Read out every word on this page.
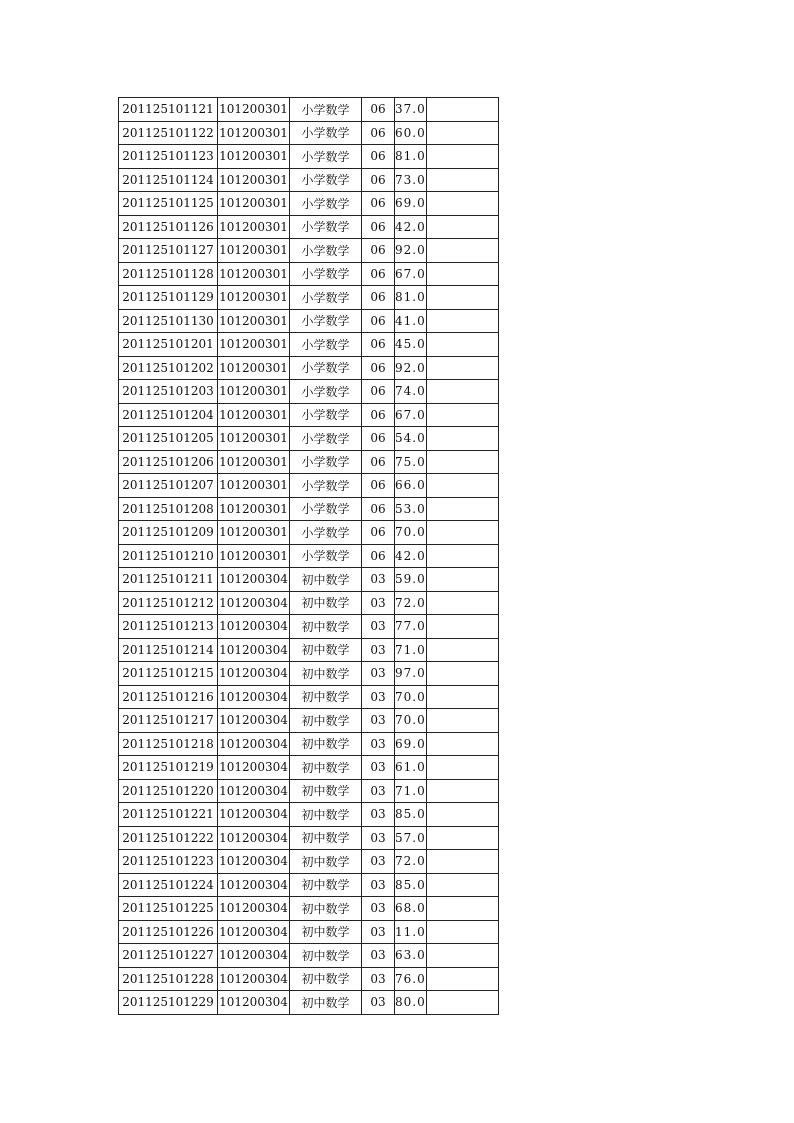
201125101121	101200301	小学数学	06	37.0	
201125101122	101200301	小学数学	06	60.0	
201125101123	101200301	小学数学	06	81.0	
201125101124	101200301	小学数学	06	73.0	
201125101125	101200301	小学数学	06	69.0	
201125101126	101200301	小学数学	06	42.0	
201125101127	101200301	小学数学	06	92.0	
201125101128	101200301	小学数学	06	67.0	
201125101129	101200301	小学数学	06	81.0	
201125101130	101200301	小学数学	06	41.0	
201125101201	101200301	小学数学	06	45.0	
201125101202	101200301	小学数学	06	92.0	
201125101203	101200301	小学数学	06	74.0	
201125101204	101200301	小学数学	06	67.0	
201125101205	101200301	小学数学	06	54.0	
201125101206	101200301	小学数学	06	75.0	
201125101207	101200301	小学数学	06	66.0	
201125101208	101200301	小学数学	06	53.0	
201125101209	101200301	小学数学	06	70.0	
201125101210	101200301	小学数学	06	42.0	
201125101211	101200304	初中数学	03	59.0	
201125101212	101200304	初中数学	03	72.0	
201125101213	101200304	初中数学	03	77.0	
201125101214	101200304	初中数学	03	71.0	
201125101215	101200304	初中数学	03	97.0	
201125101216	101200304	初中数学	03	70.0	
201125101217	101200304	初中数学	03	70.0	
201125101218	101200304	初中数学	03	69.0	
201125101219	101200304	初中数学	03	61.0	
201125101220	101200304	初中数学	03	71.0	
201125101221	101200304	初中数学	03	85.0	
201125101222	101200304	初中数学	03	57.0	
201125101223	101200304	初中数学	03	72.0	
201125101224	101200304	初中数学	03	85.0	
201125101225	101200304	初中数学	03	68.0	
201125101226	101200304	初中数学	03	11.0	
201125101227	101200304	初中数学	03	63.0	
201125101228	101200304	初中数学	03	76.0	
201125101229	101200304	初中数学	03	80.0	
